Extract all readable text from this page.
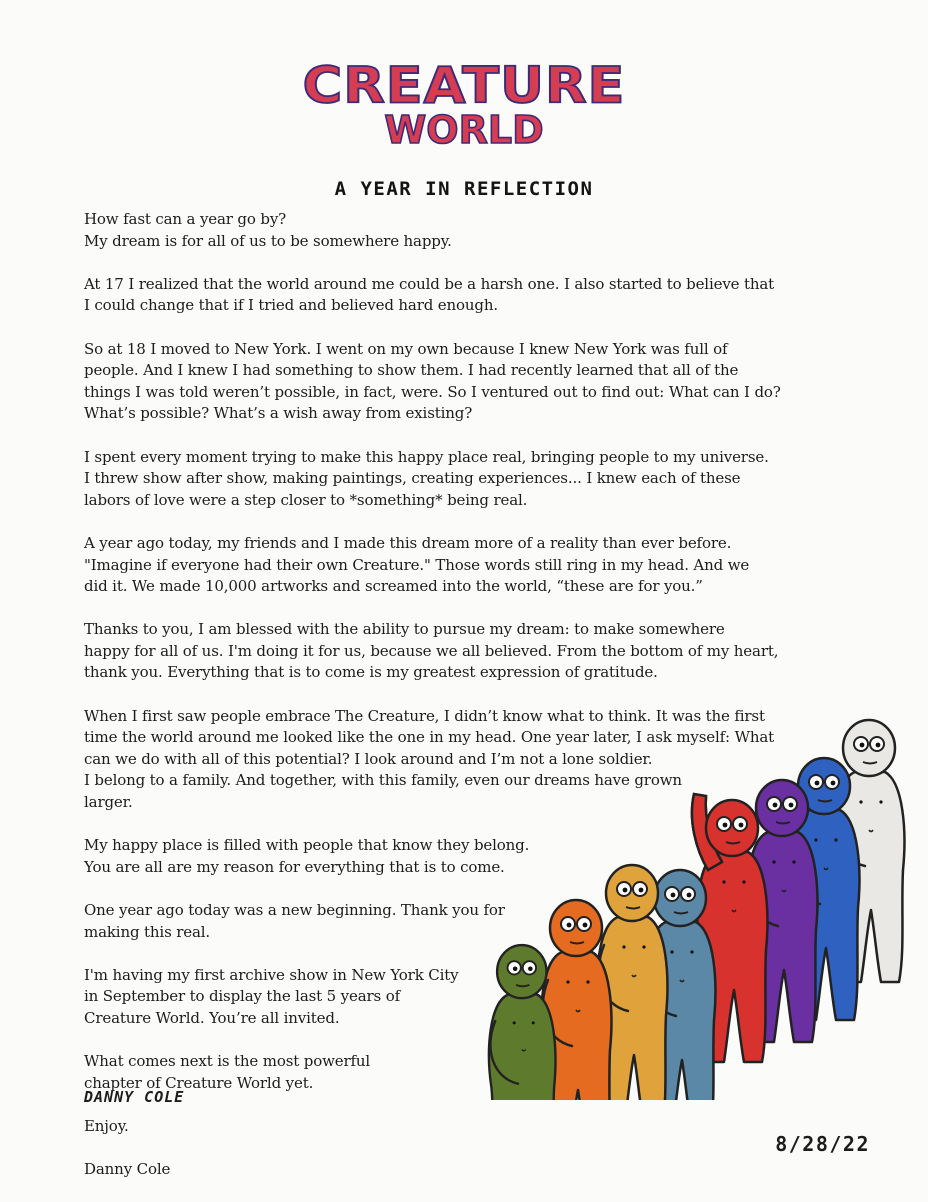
CREATURE
WORLD
A YEAR IN REFLECTION

How fast can a year go by?
My dream is for all of us to be somewhere happy.

At 17 I realized that the world around me could be a harsh one. I also started to believe that
I could change that if I tried and believed hard enough.

So at 18 I moved to New York. I went on my own because I knew New York was full of
people. And I knew I had something to show them. I had recently learned that all of the
things I was told weren’t possible, in fact, were. So I ventured out to find out: What can I do?
What’s possible? What’s a wish away from existing?

I spent every moment trying to make this happy place real, bringing people to my universe.
I threw show after show, making paintings, creating experiences... I knew each of these
labors of love were a step closer to *something* being real.

A year ago today, my friends and I made this dream more of a reality than ever before.
"Imagine if everyone had their own Creature." Those words still ring in my head. And we
did it. We made 10,000 artworks and screamed into the world, “these are for you.”

Thanks to you, I am blessed with the ability to pursue my dream: to make somewhere
happy for all of us. I'm doing it for us, because we all believed. From the bottom of my heart,
thank you. Everything that is to come is my greatest expression of gratitude.

When I first saw people embrace The Creature, I didn’t know what to think. It was the first
time the world around me looked like the one in my head. One year later, I ask myself: What
can we do with all of this potential? I look around and I’m not a lone soldier.
I belong to a family. And together, with this family, even our dreams have grown
larger.

My happy place is filled with people that know they belong.
You are all are my reason for everything that is to come.

One year ago today was a new beginning. Thank you for
making this real.

I'm having my first archive show in New York City
in September to display the last 5 years of
Creature World. You’re all invited.

What comes next is the most powerful
chapter of Creature World yet.

Enjoy.

Danny Cole

DANNY COLE
8/28/22
